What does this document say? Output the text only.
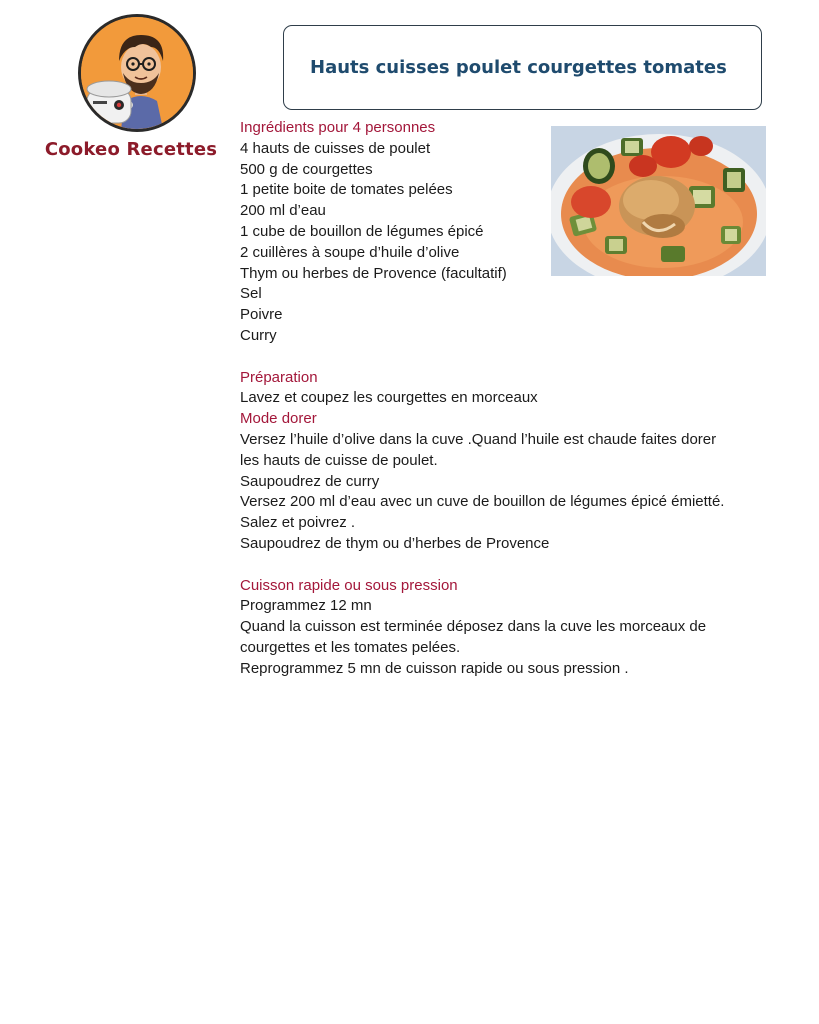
Cookeo Recettes
Hauts cuisses poulet courgettes tomates
Ingrédients pour 4 personnes
4 hauts de cuisses de poulet
500 g de courgettes
1 petite boite de tomates pelées
200 ml d’eau
1 cube de bouillon de légumes épicé
2 cuillères à soupe d’huile d’olive
Thym ou herbes de Provence (facultatif)
Sel
Poivre
Curry
Préparation
Lavez et coupez les courgettes en morceaux
Mode dorer
Versez l’huile d’olive dans la cuve .Quand l’huile est chaude faites dorer les hauts de cuisse de poulet.
Saupoudrez de curry
Versez 200 ml d’eau avec un cuve de bouillon de légumes épicé émietté.
Salez et poivrez .
Saupoudrez de thym ou d’herbes de Provence
Cuisson rapide ou sous pression
Programmez 12 mn
Quand la cuisson est terminée déposez dans la cuve les morceaux de courgettes et les tomates pelées.
Reprogrammez 5 mn de cuisson rapide ou sous pression .
